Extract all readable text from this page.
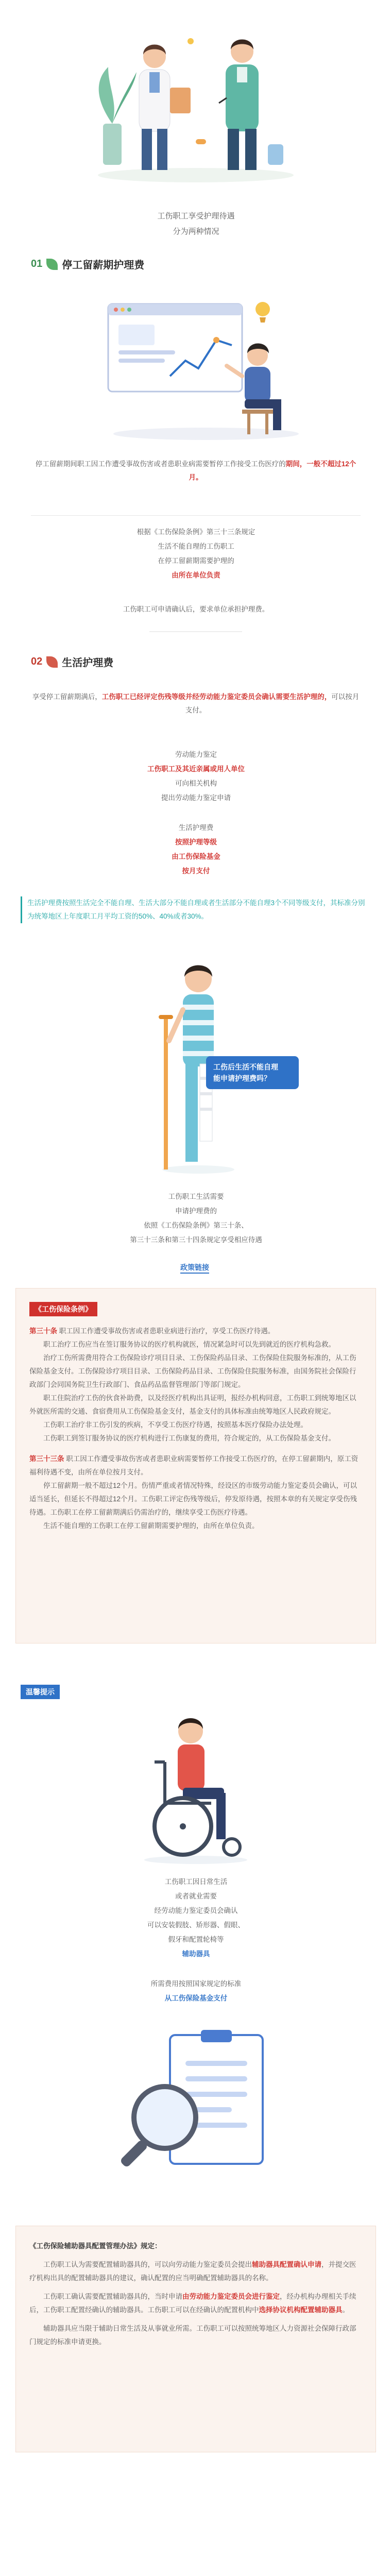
工伤职工享受护理待遇
分为两种情况
01 停工留薪期护理费
停工留薪期间职工因工作遭受事故伤害或者患职业病需要暂停工作接受工伤医疗的期间，一般不超过12个月。
根据《工伤保险条例》第三十三条规定
生活不能自理的工伤职工
在停工留薪期需要护理的
由所在单位负责
工伤职工可申请确认后，要求单位承担护理费。
02 生活护理费
享受停工留薪期满后，工伤职工已经评定伤残等级并经劳动能力鉴定委员会确认需要生活护理的，可以按月支付。
劳动能力鉴定
工伤职工及其近亲属或用人单位
可向相关机构
提出劳动能力鉴定申请
生活护理费
按照护理等级
由工伤保险基金
按月支付
生活护理费按照生活完全不能自理、生活大部分不能自理或者生活部分不能自理3个不同等级支付，其标准分别为统筹地区上年度职工月平均工资的50%、40%或者30%。
工伤后生活不能自理
能申请护理费吗？
工伤职工生活需要
申请护理费的
依照《工伤保险条例》第三十条、
第三十三条和第三十四条规定享受相应待遇
政策链接
《工伤保险条例》
第三十条 职工因工作遭受事故伤害或者患职业病进行治疗，享受工伤医疗待遇。
职工治疗工伤应当在签订服务协议的医疗机构就医，情况紧急时可以先到就近的医疗机构急救。
治疗工伤所需费用符合工伤保险诊疗项目目录、工伤保险药品目录、工伤保险住院服务标准的，从工伤保险基金支付。工伤保险诊疗项目目录、工伤保险药品目录、工伤保险住院服务标准，由国务院社会保险行政部门会同国务院卫生行政部门、食品药品监督管理部门等部门规定。
职工住院治疗工伤的伙食补助费，以及经医疗机构出具证明，报经办机构同意，工伤职工到统筹地区以外就医所需的交通、食宿费用从工伤保险基金支付，基金支付的具体标准由统筹地区人民政府规定。
工伤职工治疗非工伤引发的疾病，不享受工伤医疗待遇，按照基本医疗保险办法处理。
工伤职工到签订服务协议的医疗机构进行工伤康复的费用，符合规定的，从工伤保险基金支付。
第三十三条 职工因工作遭受事故伤害或者患职业病需要暂停工作接受工伤医疗的，在停工留薪期内，原工资福利待遇不变，由所在单位按月支付。
停工留薪期一般不超过12个月。伤情严重或者情况特殊，经设区的市级劳动能力鉴定委员会确认，可以适当延长，但延长不得超过12个月。工伤职工评定伤残等级后，停发原待遇，按照本章的有关规定享受伤残待遇。工伤职工在停工留薪期满后仍需治疗的，继续享受工伤医疗待遇。
生活不能自理的工伤职工在停工留薪期需要护理的，由所在单位负责。
温馨提示
工伤职工因日常生活
或者就业需要
经劳动能力鉴定委员会确认
可以安装假肢、矫形器、假眼、
假牙和配置轮椅等
辅助器具
所需费用按照国家规定的标准
从工伤保险基金支付
《工伤保险辅助器具配置管理办法》规定：
工伤职工认为需要配置辅助器具的，可以向劳动能力鉴定委员会提出辅助器具配置确认申请，并提交医疗机构出具的配置辅助器具的建议，确认配置的应当明确配置辅助器具的名称。
工伤职工确认需要配置辅助器具的，当时申请由劳动能力鉴定委员会进行鉴定，经办机构办理相关手续后，工伤职工配置经确认的辅助器具。工伤职工可以在经确认的配置机构中选择协议机构配置辅助器具。
辅助器具应当限于辅助日常生活及从事就业所需。工伤职工可以按照统筹地区人力资源社会保障行政部门规定的标准申请更换。
